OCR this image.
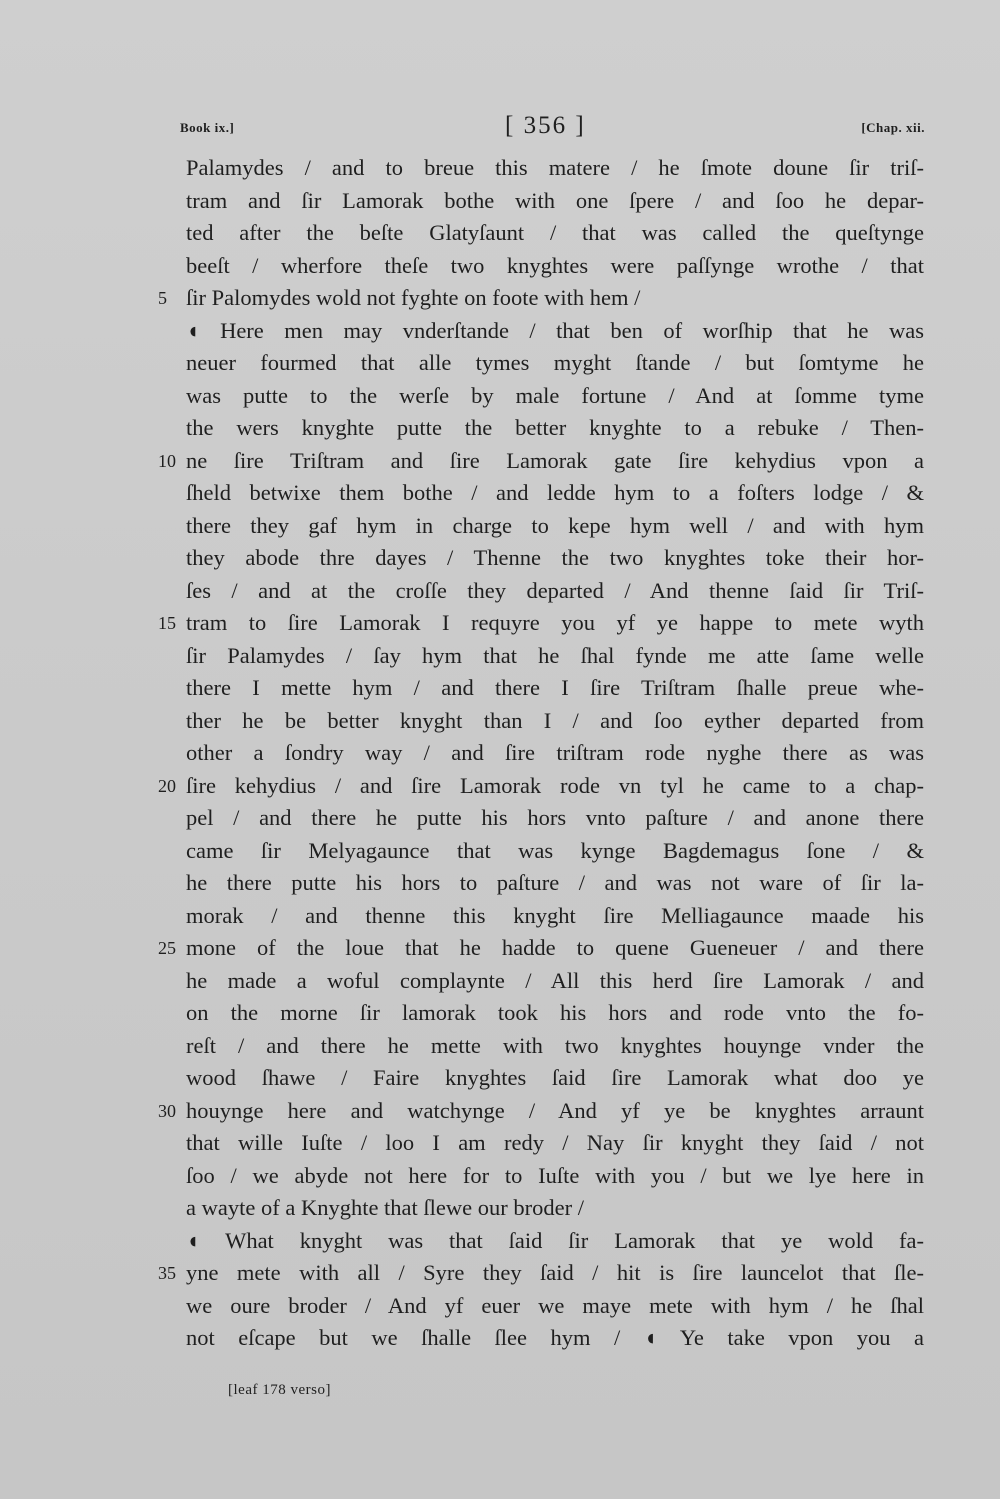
Book ix.]	[ 356 ]	[Chap. xii.
Palamydes / and to breue this matere / he ſmote doune ſir triſ-
tram and ſir Lamorak bothe with one ſpere / and ſoo he depar-
ted after the beſte Glatyſaunt / that was called the queſtynge
beeſt / wherfore theſe two knyghtes were paſſynge wrothe / that
5 ſir Palomydes wold not fyghte on foote with hem /
◖ Here men may vnderſtande / that ben of worſhip that he was
neuer fourmed that alle tymes myght ſtande / but ſomtyme he
was putte to the werſe by male fortune / And at ſomme tyme
the wers knyghte putte the better knyghte to a rebuke / Then-
10 ne ſire Triſtram and ſire Lamorak gate ſire kehydius vpon a
ſheld betwixe them bothe / and ledde hym to a foſters lodge / &
there they gaf hym in charge to kepe hym well / and with hym
they abode thre dayes / Thenne the two knyghtes toke their hor-
ſes / and at the croſſe they departed / And thenne ſaid ſir Triſ-
15 tram to ſire Lamorak I requyre you yf ye happe to mete wyth
ſir Palamydes / ſay hym that he ſhal fynde me atte ſame welle
there I mette hym / and there I ſire Triſtram ſhalle preue whe-
ther he be better knyght than I / and ſoo eyther departed from
other a ſondry way / and ſire triſtram rode nyghe there as was
20 ſire kehydius / and ſire Lamorak rode vn tyl he came to a chap-
pel / and there he putte his hors vnto paſture / and anone there
came ſir Melyagaunce that was kynge Bagdemagus ſone / &
he there putte his hors to paſture / and was not ware of ſir la-
morak / and thenne this knyght ſire Melliagaunce maade his
25 mone of the loue that he hadde to quene Gueneuer / and there
he made a woful complaynte / All this herd ſire Lamorak / and
on the morne ſir lamorak took his hors and rode vnto the fo-
reſt / and there he mette with two knyghtes houynge vnder the
wood ſhawe / Faire knyghtes ſaid ſire Lamorak what doo ye
30 houynge here and watchynge / And yf ye be knyghtes arraunt
that wille Iuſte / loo I am redy / Nay ſir knyght they ſaid / not
ſoo / we abyde not here for to Iuſte with you / but we lye here in
a wayte of a Knyghte that ſlewe our broder /
◖ What knyght was that ſaid ſir Lamorak that ye wold fa-
35 yne mete with all / Syre they ſaid / hit is ſire launcelot that ſle-
we oure broder / And yf euer we maye mete with hym / he ſhal
not eſcape but we ſhalle ſlee hym / ◖ Ye take vpon you a
[leaf 178 verso]
